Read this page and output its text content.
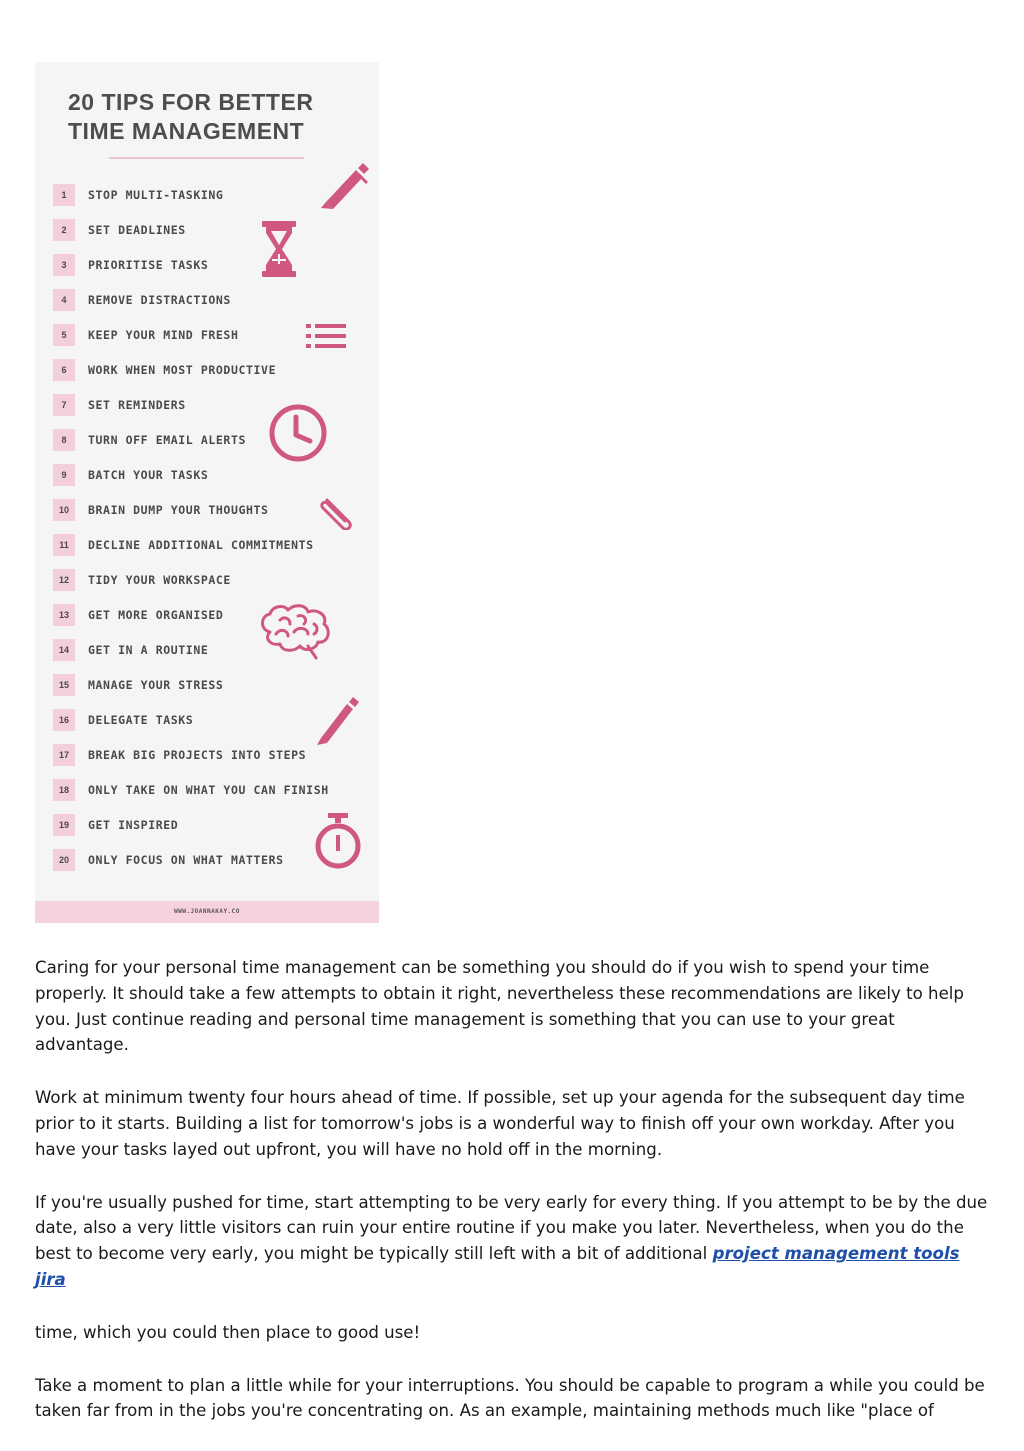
20 TIPS FOR BETTER
TIME MANAGEMENT
1	STOP MULTI-TASKING
2	SET DEADLINES
3	PRIORITISE TASKS
4	REMOVE DISTRACTIONS
5	KEEP YOUR MIND FRESH
6	WORK WHEN MOST PRODUCTIVE
7	SET REMINDERS
8	TURN OFF EMAIL ALERTS
9	BATCH YOUR TASKS
10	BRAIN DUMP YOUR THOUGHTS
11	DECLINE ADDITIONAL COMMITMENTS
12	TIDY YOUR WORKSPACE
13	GET MORE ORGANISED
14	GET IN A ROUTINE
15	MANAGE YOUR STRESS
16	DELEGATE TASKS
17	BREAK BIG PROJECTS INTO STEPS
18	ONLY TAKE ON WHAT YOU CAN FINISH
19	GET INSPIRED
20	ONLY FOCUS ON WHAT MATTERS
WWW.JOANNAKAY.CO

Caring for your personal time management can be something you should do if you wish to spend your time properly. It should take a few attempts to obtain it right, nevertheless these recommendations are likely to help you. Just continue reading and personal time management is something that you can use to your great advantage.

Work at minimum twenty four hours ahead of time. If possible, set up your agenda for the subsequent day time prior to it starts. Building a list for tomorrow's jobs is a wonderful way to finish off your own workday. After you have your tasks layed out upfront, you will have no hold off in the morning.

If you're usually pushed for time, start attempting to be very early for every thing. If you attempt to be by the due date, also a very little visitors can ruin your entire routine if you make you later. Nevertheless, when you do the best to become very early, you might be typically still left with a bit of additional project management tools jira

time, which you could then place to good use!

Take a moment to plan a little while for your interruptions. You should be capable to program a while you could be taken far from in the jobs you're concentrating on. As an example, maintaining methods much like "place of
